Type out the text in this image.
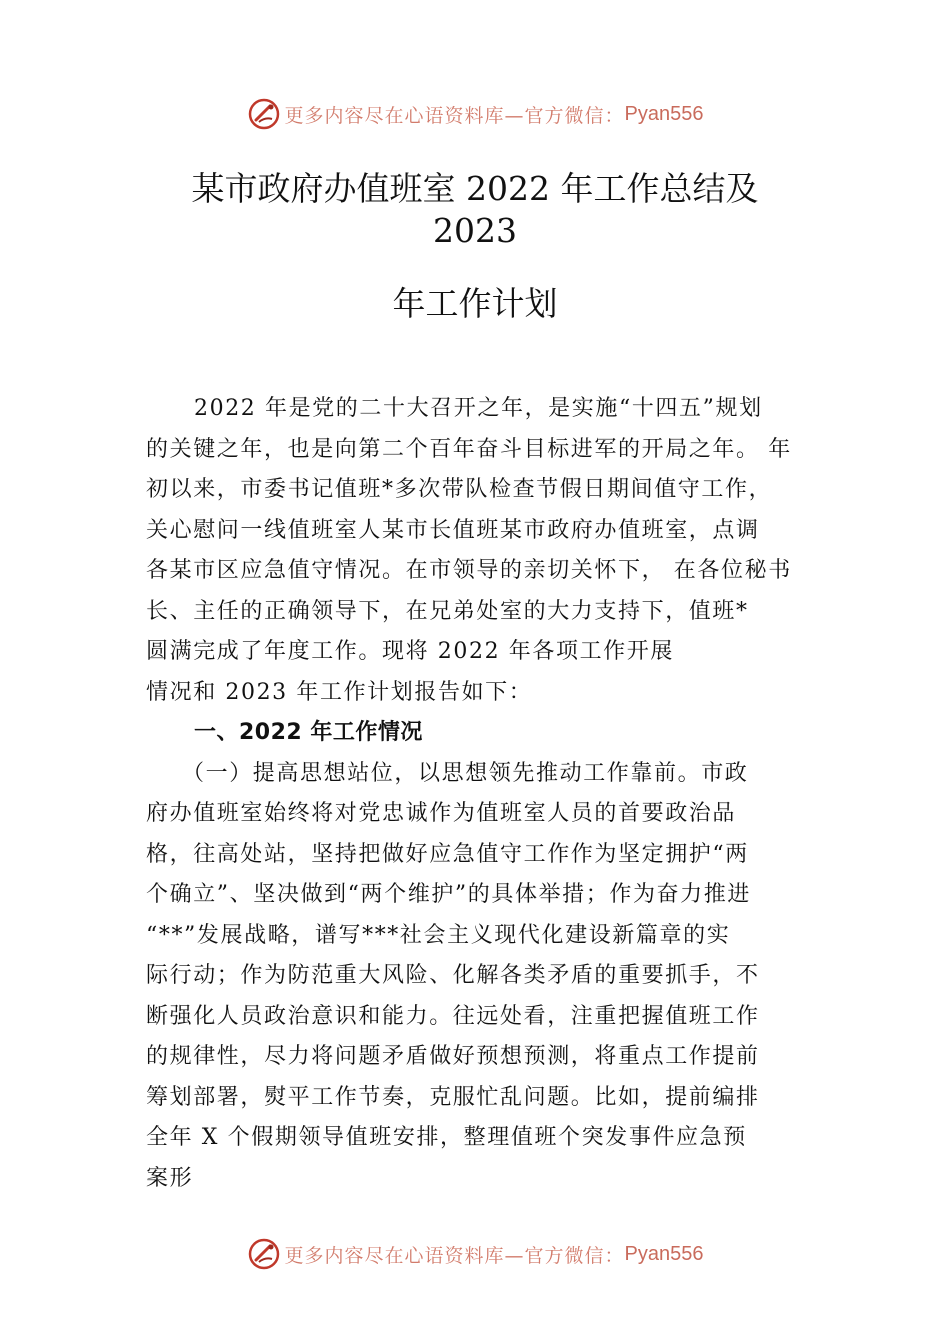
更多内容尽在心语资料库—官方微信： Pyan556
某市政府办值班室 2022 年工作总结及
2023
年工作计划
2022 年是党的二十大召开之年，是实施“十四五”规划
的关键之年，也是向第二个百年奋斗目标进军的开局之年。 年
初以来，市委书记值班*多次带队检查节假日期间值守工作，
关心慰问一线值班室人某市长值班某市政府办值班室，点调
各某市区应急值守情况。在市领导的亲切关怀下， 在各位秘书
长、主任的正确领导下，在兄弟处室的大力支持下，值班*
圆满完成了年度工作。现将 2022 年各项工作开展
情况和 2023 年工作计划报告如下：
一、2022 年工作情况
（一）提高思想站位，以思想领先推动工作靠前。市政
府办值班室始终将对党忠诚作为值班室人员的首要政治品
格，往高处站，坚持把做好应急值守工作作为坚定拥护“两
个确立”、坚决做到“两个维护”的具体举措；作为奋力推进
“**”发展战略，谱写***社会主义现代化建设新篇章的实
际行动；作为防范重大风险、化解各类矛盾的重要抓手，不
断强化人员政治意识和能力。往远处看，注重把握值班工作
的规律性，尽力将问题矛盾做好预想预测，将重点工作提前
筹划部署，熨平工作节奏，克服忙乱问题。比如，提前编排
全年 X 个假期领导值班安排，整理值班个突发事件应急预
案形
更多内容尽在心语资料库—官方微信： Pyan556
